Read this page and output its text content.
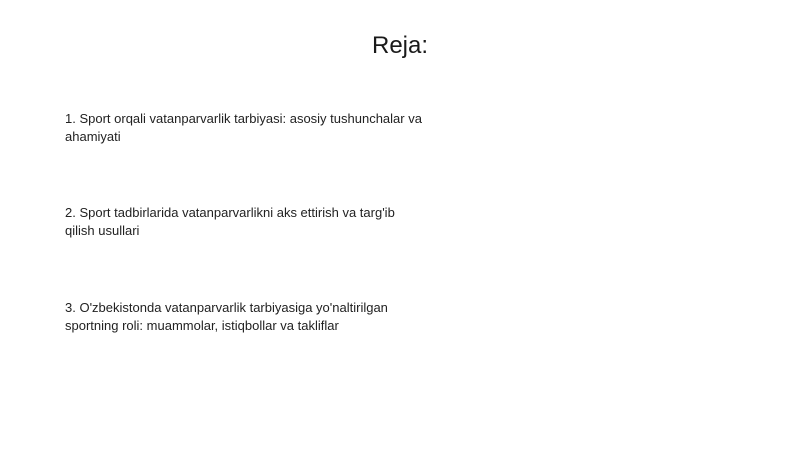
Reja:
1. Sport orqali vatanparvarlik tarbiyasi: asosiy tushunchalar va ahamiyati
2. Sport tadbirlarida vatanparvarlikni aks ettirish va targ'ib qilish usullari
3. O'zbekistonda vatanparvarlik tarbiyasiga yo'naltirilgan sportning roli: muammolar, istiqbollar va takliflar
